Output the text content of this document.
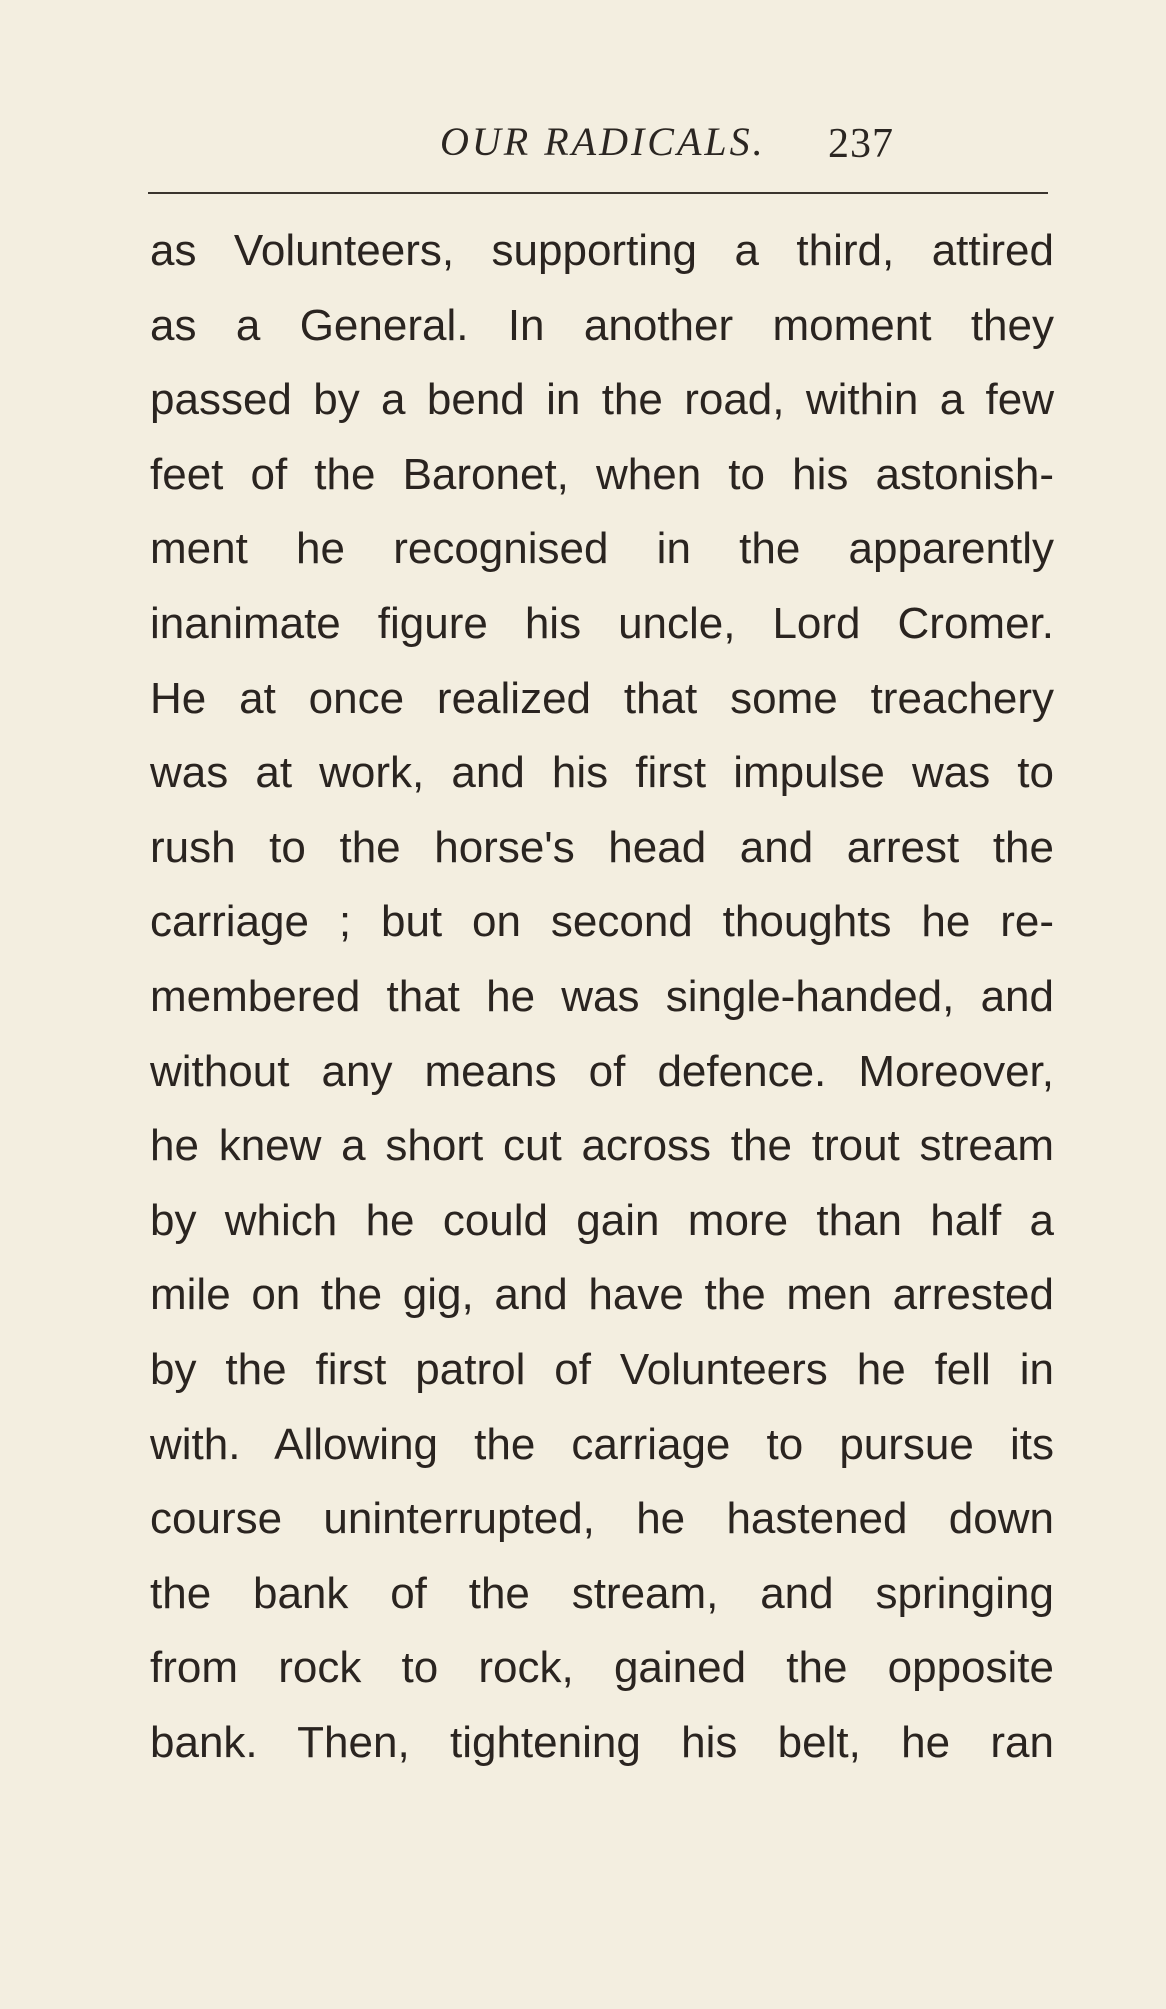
OUR RADICALS. 237
as Volunteers, supporting a third, attired
as a General. In another moment they
passed by a bend in the road, within a few
feet of the Baronet, when to his astonish-
ment he recognised in the apparently
inanimate figure his uncle, Lord Cromer.
He at once realized that some treachery
was at work, and his first impulse was to
rush to the horse's head and arrest the
carriage ; but on second thoughts he re-
membered that he was single-handed, and
without any means of defence. Moreover,
he knew a short cut across the trout stream
by which he could gain more than half a
mile on the gig, and have the men arrested
by the first patrol of Volunteers he fell in
with. Allowing the carriage to pursue its
course uninterrupted, he hastened down
the bank of the stream, and springing
from rock to rock, gained the opposite
bank. Then, tightening his belt, he ran
